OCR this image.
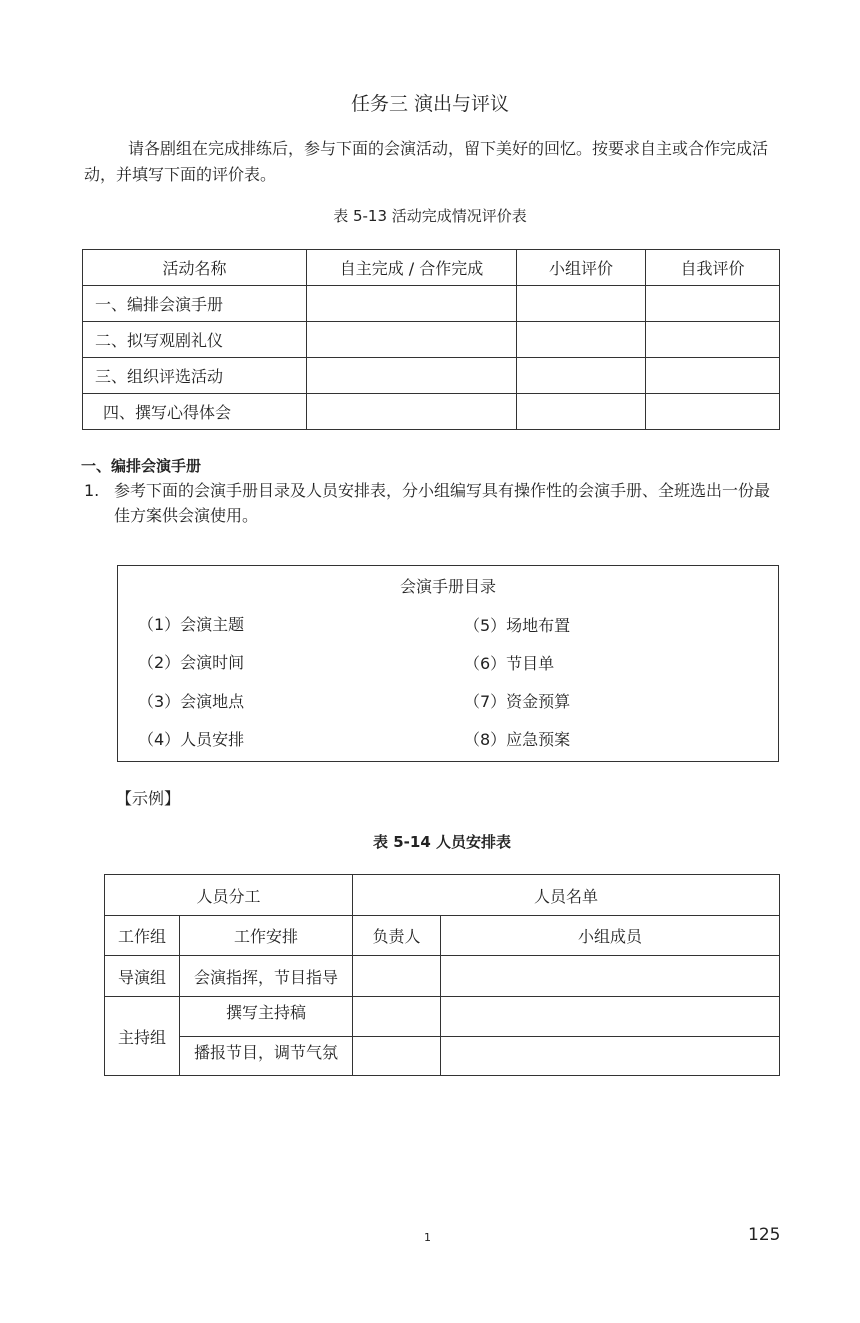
任务三 演出与评议
请各剧组在完成排练后，参与下面的会演活动，留下美好的回忆。按要求自主或合作完成活动，并填写下面的评价表。
表 5-13 活动完成情况评价表
活动名称	自主完成 / 合作完成	小组评价	自我评价
一、编排会演手册			
二、拟写观剧礼仪			
三、组织评选活动			
四、撰写心得体会			
一、编排会演手册
1. 参考下面的会演手册目录及人员安排表，分小组编写具有操作性的会演手册、全班选出一份最佳方案供会演使用。
会演手册目录
（1）会演主题
（2）会演时间
（3）会演地点
（4）人员安排
（5）场地布置
（6）节目单
（7）资金预算
（8）应急预案
【示例】
表 5-14 人员安排表
人员分工		人员名单	
工作组	工作安排	负责人	小组成员
导演组	会演指挥，节目指导		
主持组	撰写主持稿		
	播报节目，调节气氛		
1	125
